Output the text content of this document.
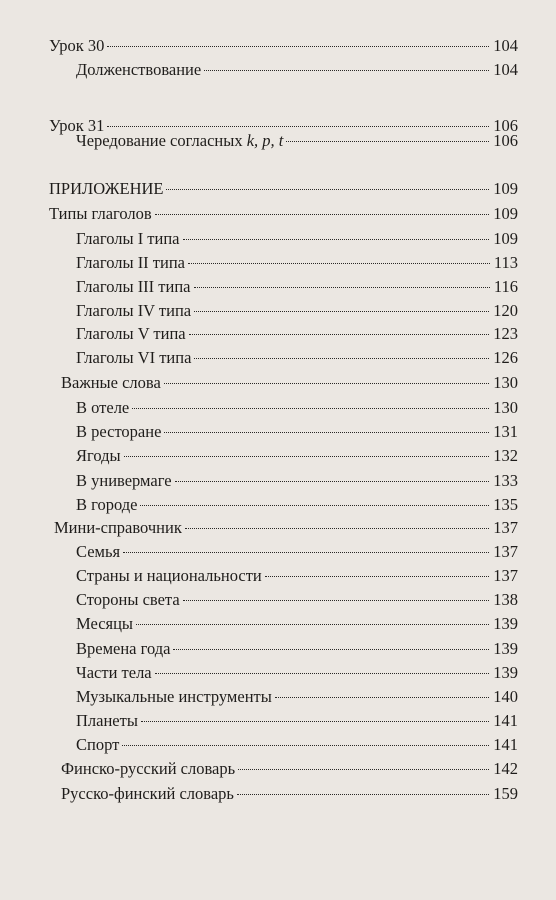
Урок 30	104
Долженствование	104
Урок 31	106
Чередование согласных k, p, t	106
ПРИЛОЖЕНИЕ	109
Типы глаголов	109
Глаголы I типа	109
Глаголы II типа	113
Глаголы III типа	116
Глаголы IV типа	120
Глаголы V типа	123
Глаголы VI типа	126
Важные слова	130
В отеле	130
В ресторане	131
Ягоды	132
В универмаге	133
В городе	135
Мини-справочник	137
Семья	137
Страны и национальности	137
Стороны света	138
Месяцы	139
Времена года	139
Части тела	139
Музыкальные инструменты	140
Планеты	141
Спорт	141
Финско-русский словарь	142
Русско-финский словарь	159
